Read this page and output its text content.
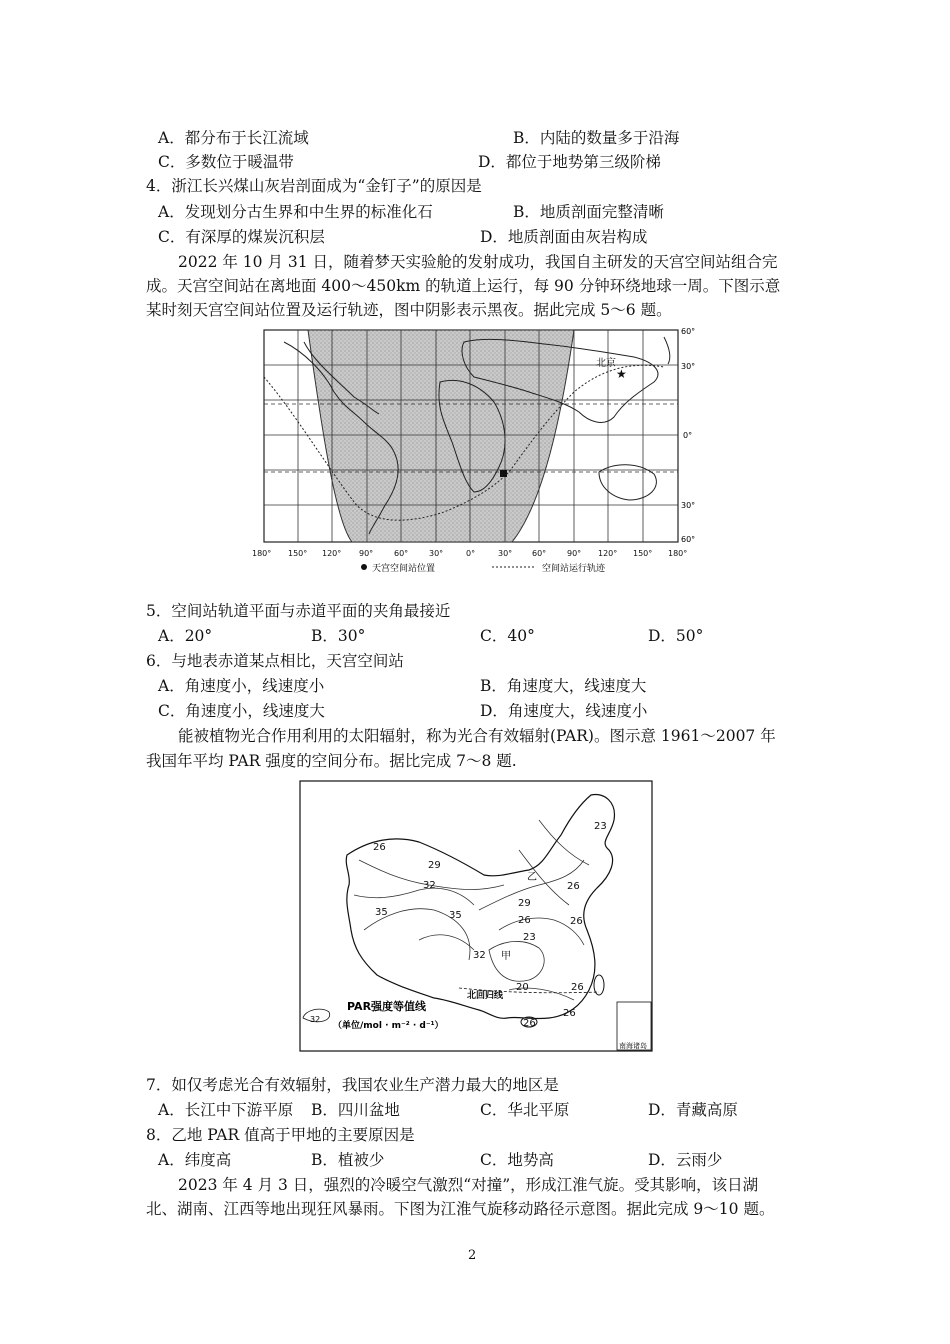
A．都分布于长江流域	B．内陆的数量多于沿海
C．多数位于暖温带	D．都位于地势第三级阶梯
4．浙江长兴煤山灰岩剖面成为“金钉子”的原因是
A．发现划分古生界和中生界的标准化石	B．地质剖面完整清晰
C．有深厚的煤炭沉积层	D．地质剖面由灰岩构成
2022 年 10 月 31 日，随着梦天实验舱的发射成功，我国自主研发的天宫空间站组合完
成。天宫空间站在离地面 400～450km 的轨道上运行，每 90 分钟环绕地球一周。下图示意
某时刻天宫空间站位置及运行轨迹，图中阴影表示黑夜。据此完成 5～6 题。
北京
★
60°
30°
0°
30°
60°
180° 150° 120° 90°	60°	30°	0°	30° 60°	90° 120° 150° 180°
天宫空间站位置	空间站运行轨迹
5．空间站轨道平面与赤道平面的夹角最接近
A．20°	B．30°	C．40°	D．50°
6．与地表赤道某点相比，天宫空间站
A．角速度小，线速度小	B．角速度大，线速度大
C．角速度小，线速度大	D．角速度大，线速度小
能被植物光合作用利用的太阳辐射，称为光合有效辐射(PAR)。图示意 1961～2007 年
我国年平均 PAR 强度的空间分布。据比完成 7～8 题.
南海诸岛
23
26
29
32
35	35
29
26
26
23
26
32
20	26
26
26
乙
甲
北回归线
PAR强度等值线
（单位/mol · m⁻² · d⁻¹）
32
7．如仅考虑光合有效辐射，我国农业生产潜力最大的地区是
A．长江中下游平原 B．四川盆地	C．华北平原	D．青藏高原
8．乙地 PAR 值高于甲地的主要原因是
A．纬度高	B．植被少	C．地势高	D．云雨少
2023 年 4 月 3 日，强烈的冷暖空气激烈“对撞”，形成江淮气旋。受其影响，该日湖
北、湖南、江西等地出现狂风暴雨。下图为江淮气旋移动路径示意图。据此完成 9～10 题。
2
